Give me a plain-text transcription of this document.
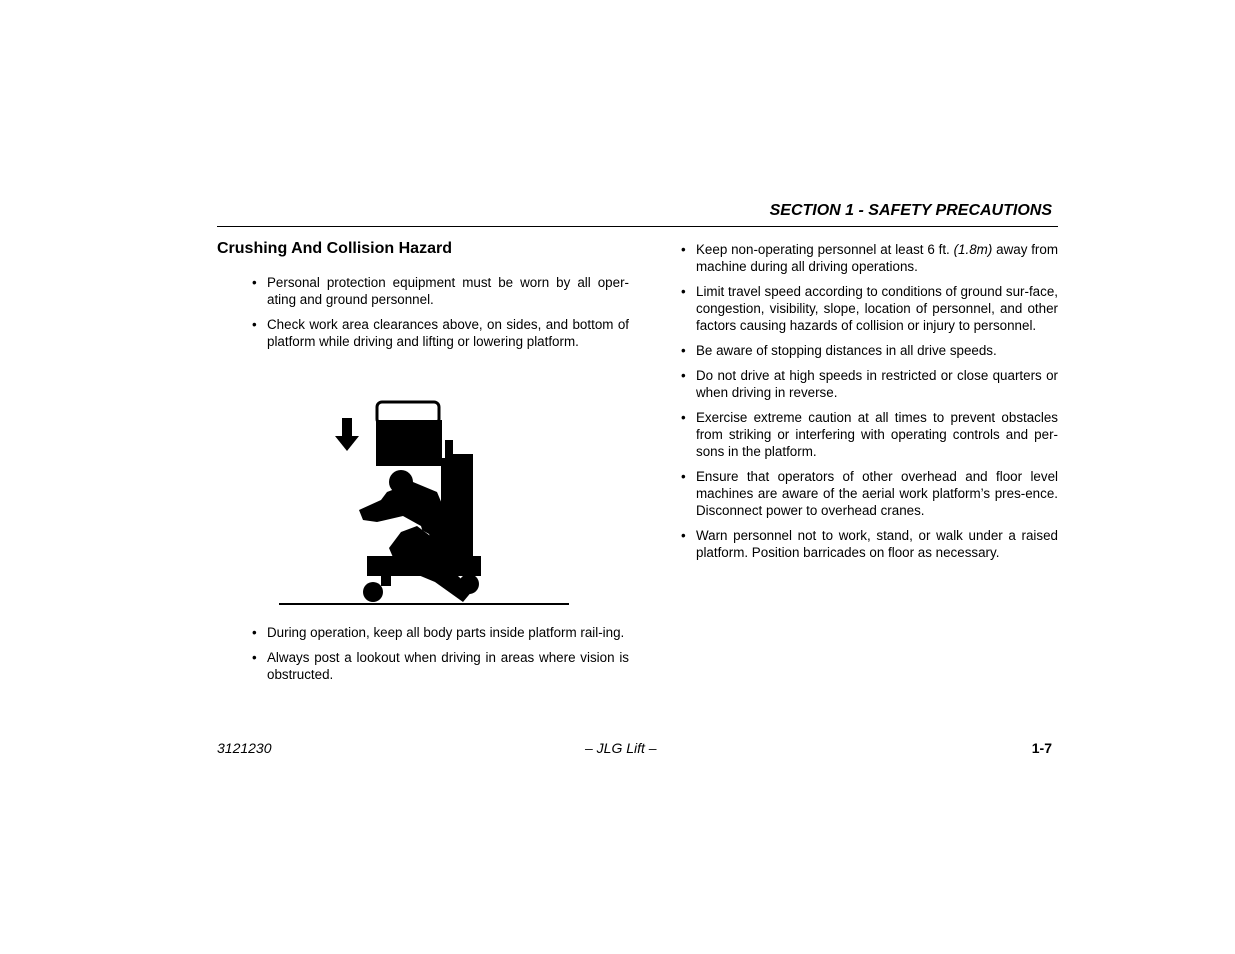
SECTION 1 - SAFETY PRECAUTIONS
Crushing And Collision Hazard
• Personal protection equipment must be worn by all oper-ating and ground personnel.
• Check work area clearances above, on sides, and bottom of platform while driving and lifting or lowering platform.
• During operation, keep all body parts inside platform rail-ing.
• Always post a lookout when driving in areas where vision is obstructed.
• Keep non-operating personnel at least 6 ft. (1.8m) away from machine during all driving operations.
• Limit travel speed according to conditions of ground sur-face, congestion, visibility, slope, location of personnel, and other factors causing hazards of collision or injury to personnel.
• Be aware of stopping distances in all drive speeds.
• Do not drive at high speeds in restricted or close quarters or when driving in reverse.
• Exercise extreme caution at all times to prevent obstacles from striking or interfering with operating controls and per-sons in the platform.
• Ensure that operators of other overhead and floor level machines are aware of the aerial work platform’s pres-ence. Disconnect power to overhead cranes.
• Warn personnel not to work, stand, or walk under a raised platform. Position barricades on floor as necessary.
3121230	– JLG Lift –	1-7
